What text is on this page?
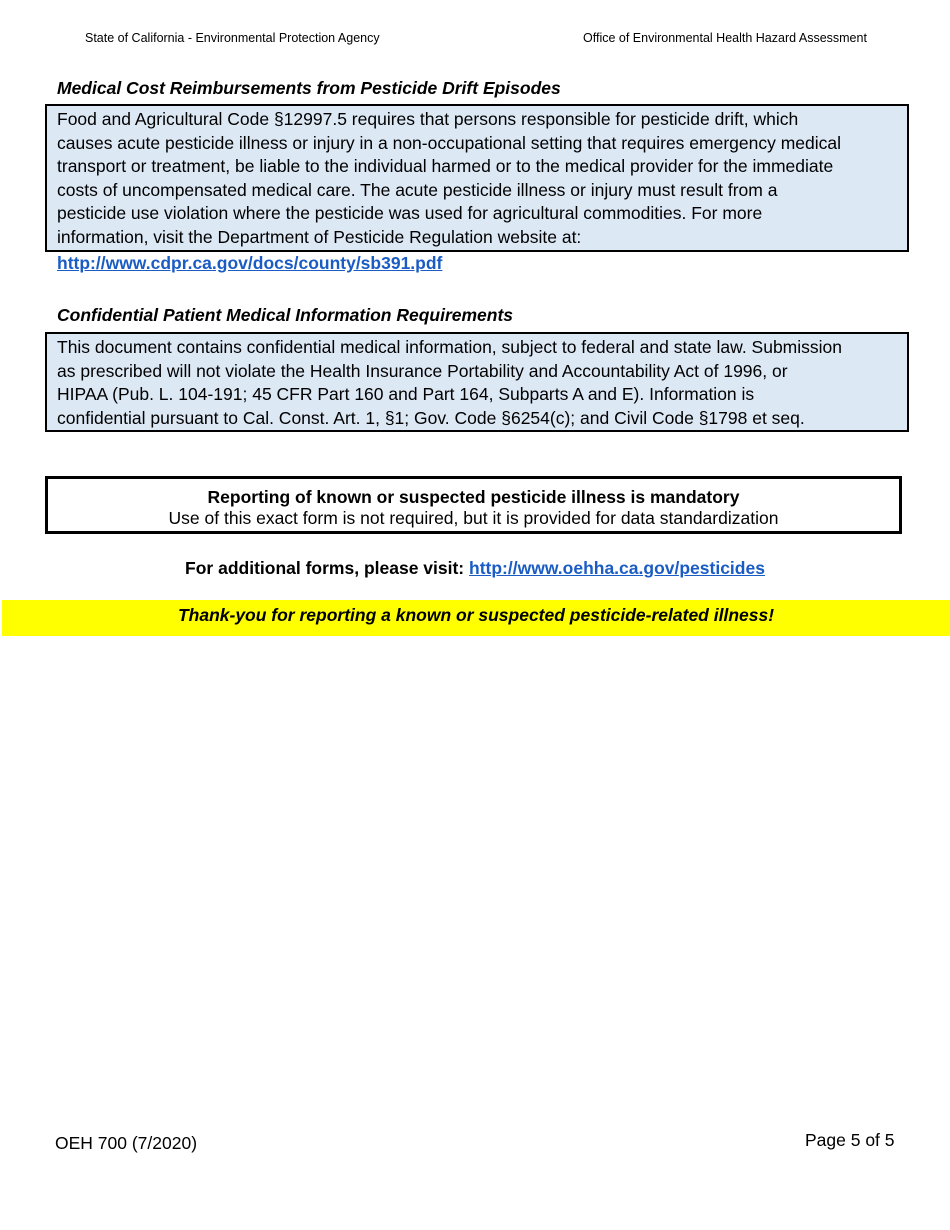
State of California - Environmental Protection Agency	Office of Environmental Health Hazard Assessment
Medical Cost Reimbursements from Pesticide Drift Episodes
Food and Agricultural Code §12997.5 requires that persons responsible for pesticide drift, which
causes acute pesticide illness or injury in a non-occupational setting that requires emergency medical
transport or treatment, be liable to the individual harmed or to the medical provider for the immediate
costs of uncompensated medical care. The acute pesticide illness or injury must result from a
pesticide use violation where the pesticide was used for agricultural commodities. For more
information, visit the Department of Pesticide Regulation website at:
http://www.cdpr.ca.gov/docs/county/sb391.pdf
Confidential Patient Medical Information Requirements
This document contains confidential medical information, subject to federal and state law. Submission
as prescribed will not violate the Health Insurance Portability and Accountability Act of 1996, or
HIPAA (Pub. L. 104-191; 45 CFR Part 160 and Part 164, Subparts A and E). Information is
confidential pursuant to Cal. Const. Art. 1, §1; Gov. Code §6254(c); and Civil Code §1798 et seq.
Reporting of known or suspected pesticide illness is mandatory
Use of this exact form is not required, but it is provided for data standardization
For additional forms, please visit: http://www.oehha.ca.gov/pesticides
Thank-you for reporting a known or suspected pesticide-related illness!
OEH 700 (7/2020)	Page 5 of 5
